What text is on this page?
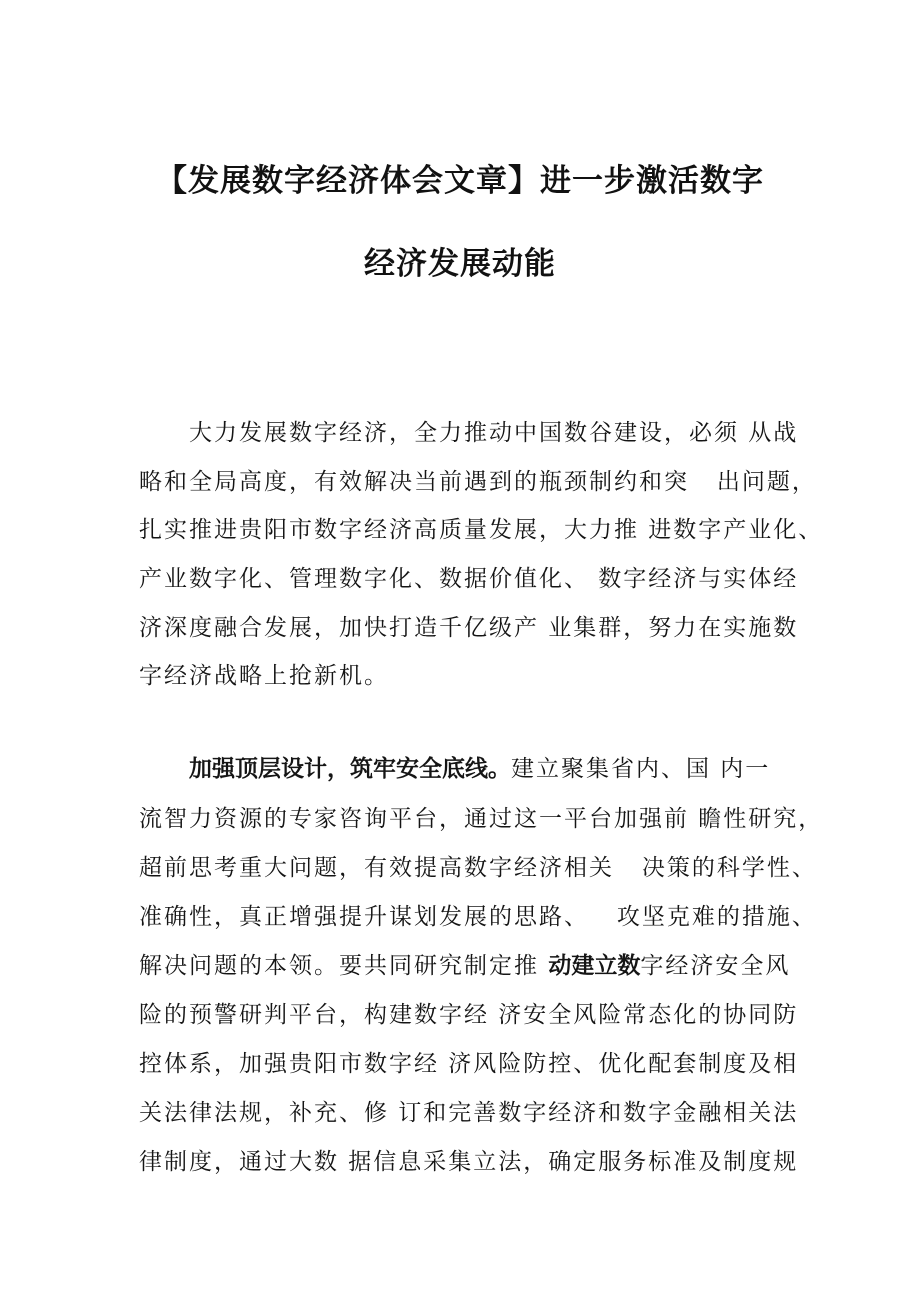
【发展数字经济体会文章】进一步激活数字
经济发展动能
大力发展数字经济，全力推动中国数谷建设，必须 从战
略和全局高度，有效解决当前遇到的瓶颈制约和突   出问题，
扎实推进贵阳市数字经济高质量发展，大力推 进数字产业化、
产业数字化、管理数字化、数据价值化、 数字经济与实体经
济深度融合发展，加快打造千亿级产 业集群，努力在实施数
字经济战略上抢新机。
加强顶层设计，筑牢安全底线。建立聚集省内、国 内一
流智力资源的专家咨询平台，通过这一平台加强前 瞻性研究，
超前思考重大问题，有效提高数字经济相关   决策的科学性、
准确性，真正增强提升谋划发展的思路、   攻坚克难的措施、
解决问题的本领。要共同研究制定推 动建立数字经济安全风
险的预警研判平台，构建数字经 济安全风险常态化的协同防
控体系，加强贵阳市数字经 济风险防控、优化配套制度及相
关法律法规，补充、修 订和完善数字经济和数字金融相关法
律制度，通过大数 据信息采集立法，确定服务标准及制度规
